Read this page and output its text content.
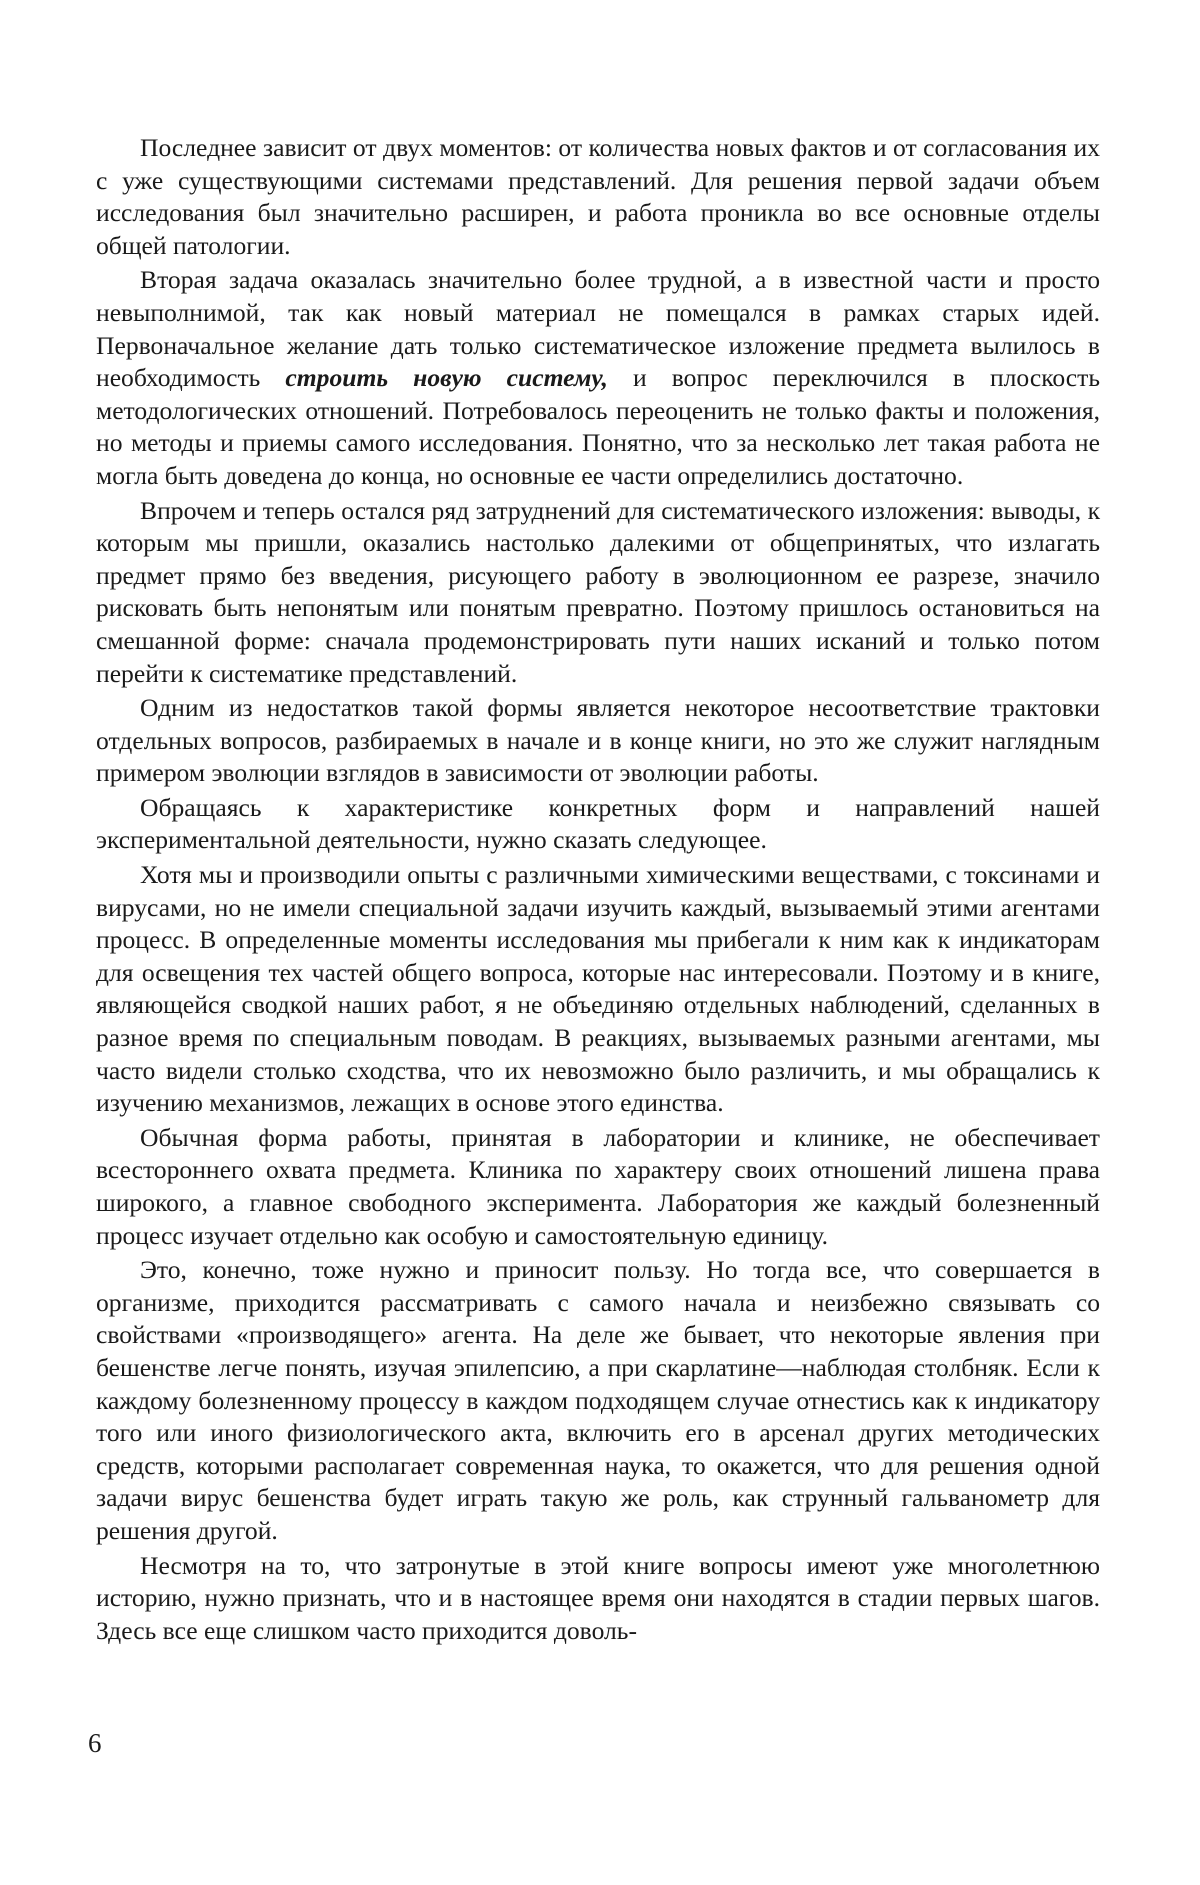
Последнее зависит от двух моментов: от количества новых фактов и от согласования их с уже существующими системами представлений. Для решения первой задачи объем исследования был значительно расширен, и работа проникла во все основные отделы общей патологии.

Вторая задача оказалась значительно более трудной, а в известной части и просто невыполнимой, так как новый материал не помещался в рамках старых идей. Первоначальное желание дать только систематическое изложение предмета вылилось в необходимость строить новую систему, и вопрос переключился в плоскость методологических отношений. Потребовалось переоценить не только факты и положения, но методы и приемы самого исследования. Понятно, что за несколько лет такая работа не могла быть доведена до конца, но основные ее части определились достаточно.

Впрочем и теперь остался ряд затруднений для систематического изложения: выводы, к которым мы пришли, оказались настолько далекими от общепринятых, что излагать предмет прямо без введения, рисующего работу в эволюционном ее разрезе, значило рисковать быть непонятым или понятым превратно. Поэтому пришлось остановиться на смешанной форме: сначала продемонстрировать пути наших исканий и только потом перейти к систематике представлений.

Одним из недостатков такой формы является некоторое несоответствие трактовки отдельных вопросов, разбираемых в начале и в конце книги, но это же служит наглядным примером эволюции взглядов в зависимости от эволюции работы.

Обращаясь к характеристике конкретных форм и направлений нашей экспериментальной деятельности, нужно сказать следующее.

Хотя мы и производили опыты с различными химическими веществами, с токсинами и вирусами, но не имели специальной задачи изучить каждый, вызываемый этими агентами процесс. В определенные моменты исследования мы прибегали к ним как к индикаторам для освещения тех частей общего вопроса, которые нас интересовали. Поэтому и в книге, являющейся сводкой наших работ, я не объединяю отдельных наблюдений, сделанных в разное время по специальным поводам. В реакциях, вызываемых разными агентами, мы часто видели столько сходства, что их невозможно было различить, и мы обращались к изучению механизмов, лежащих в основе этого единства.

Обычная форма работы, принятая в лаборатории и клинике, не обеспечивает всестороннего охвата предмета. Клиника по характеру своих отношений лишена права широкого, а главное свободного эксперимента. Лаборатория же каждый болезненный процесс изучает отдельно как особую и самостоятельную единицу.

Это, конечно, тоже нужно и приносит пользу. Но тогда все, что совершается в организме, приходится рассматривать с самого начала и неизбежно связывать со свойствами «производящего» агента. На деле же бывает, что некоторые явления при бешенстве легче понять, изучая эпилепсию, а при скарлатине—наблюдая столбняк. Если к каждому болезненному процессу в каждом подходящем случае отнестись как к индикатору того или иного физиологического акта, включить его в арсенал других методических средств, которыми располагает современная наука, то окажется, что для решения одной задачи вирус бешенства будет играть такую же роль, как струнный гальванометр для решения другой.

Несмотря на то, что затронутые в этой книге вопросы имеют уже многолетнюю историю, нужно признать, что и в настоящее время они находятся в стадии первых шагов. Здесь все еще слишком часто приходится доволь-

6
